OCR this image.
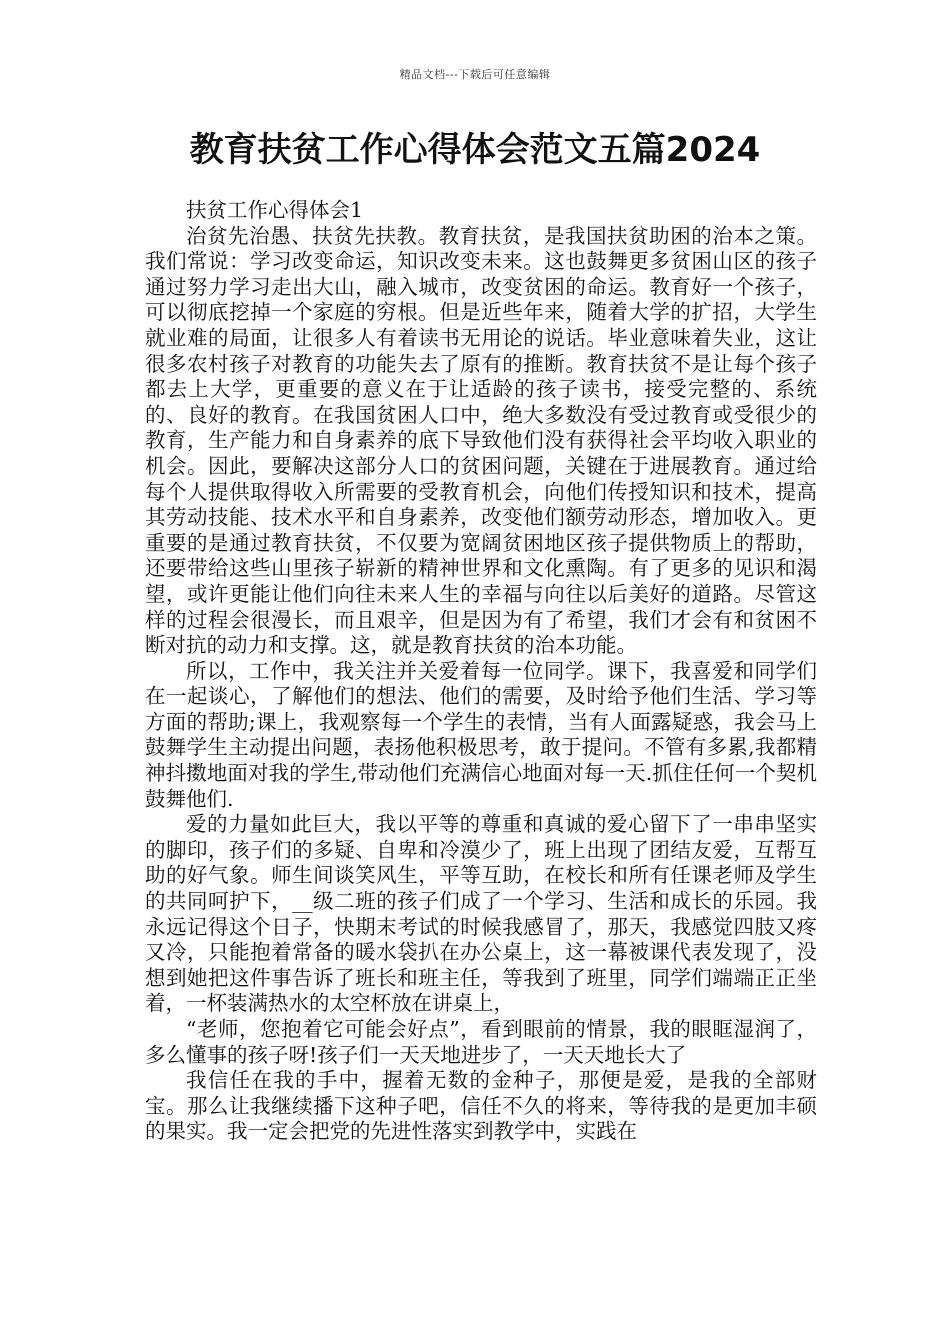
精品文档---下载后可任意编辑
教育扶贫工作心得体会范文五篇2024

扶贫工作心得体会1

治贫先治愚、扶贫先扶教。教育扶贫，是我国扶贫助困的治本之策。我们常说：学习改变命运，知识改变未来。这也鼓舞更多贫困山区的孩子通过努力学习走出大山，融入城市，改变贫困的命运。教育好一个孩子，可以彻底挖掉一个家庭的穷根。但是近些年来，随着大学的扩招，大学生就业难的局面，让很多人有着读书无用论的说话。毕业意味着失业，这让很多农村孩子对教育的功能失去了原有的推断。教育扶贫不是让每个孩子都去上大学，更重要的意义在于让适龄的孩子读书，接受完整的、系统的、良好的教育。在我国贫困人口中，绝大多数没有受过教育或受很少的教育，生产能力和自身素养的底下导致他们没有获得社会平均收入职业的机会。因此，要解决这部分人口的贫困问题，关键在于进展教育。通过给每个人提供取得收入所需要的受教育机会，向他们传授知识和技术，提高其劳动技能、技术水平和自身素养，改变他们额劳动形态，增加收入。更重要的是通过教育扶贫，不仅要为宽阔贫困地区孩子提供物质上的帮助，还要带给这些山里孩子崭新的精神世界和文化熏陶。有了更多的见识和渴望，或许更能让他们向往未来人生的幸福与向往以后美好的道路。尽管这样的过程会很漫长，而且艰辛，但是因为有了希望，我们才会有和贫困不断对抗的动力和支撑。这，就是教育扶贫的治本功能。

所以，工作中，我关注并关爱着每一位同学。课下，我喜爱和同学们在一起谈心，了解他们的想法、他们的需要，及时给予他们生活、学习等方面的帮助;课上，我观察每一个学生的表情，当有人面露疑惑，我会马上鼓舞学生主动提出问题，表扬他积极思考，敢于提问。不管有多累,我都精神抖擞地面对我的学生,带动他们充满信心地面对每一天.抓住任何一个契机鼓舞他们.

爱的力量如此巨大，我以平等的尊重和真诚的爱心留下了一串串坚实的脚印，孩子们的多疑、自卑和冷漠少了，班上出现了团结友爱，互帮互助的好气象。师生间谈笑风生，平等互助，在校长和所有任课老师及学生的共同呵护下，__级二班的孩子们成了一个学习、生活和成长的乐园。我永远记得这个日子，快期末考试的时候我感冒了，那天，我感觉四肢又疼又冷，只能抱着常备的暖水袋扒在办公桌上，这一幕被课代表发现了，没想到她把这件事告诉了班长和班主任，等我到了班里，同学们端端正正坐着，一杯装满热水的太空杯放在讲桌上，

“老师，您抱着它可能会好点”，看到眼前的情景，我的眼眶湿润了，多么懂事的孩子呀!孩子们一天天地进步了，一天天地长大了

我信任在我的手中，握着无数的金种子，那便是爱，是我的全部财宝。那么让我继续播下这种子吧，信任不久的将来，等待我的是更加丰硕的果实。我一定会把党的先进性落实到教学中，实践在
